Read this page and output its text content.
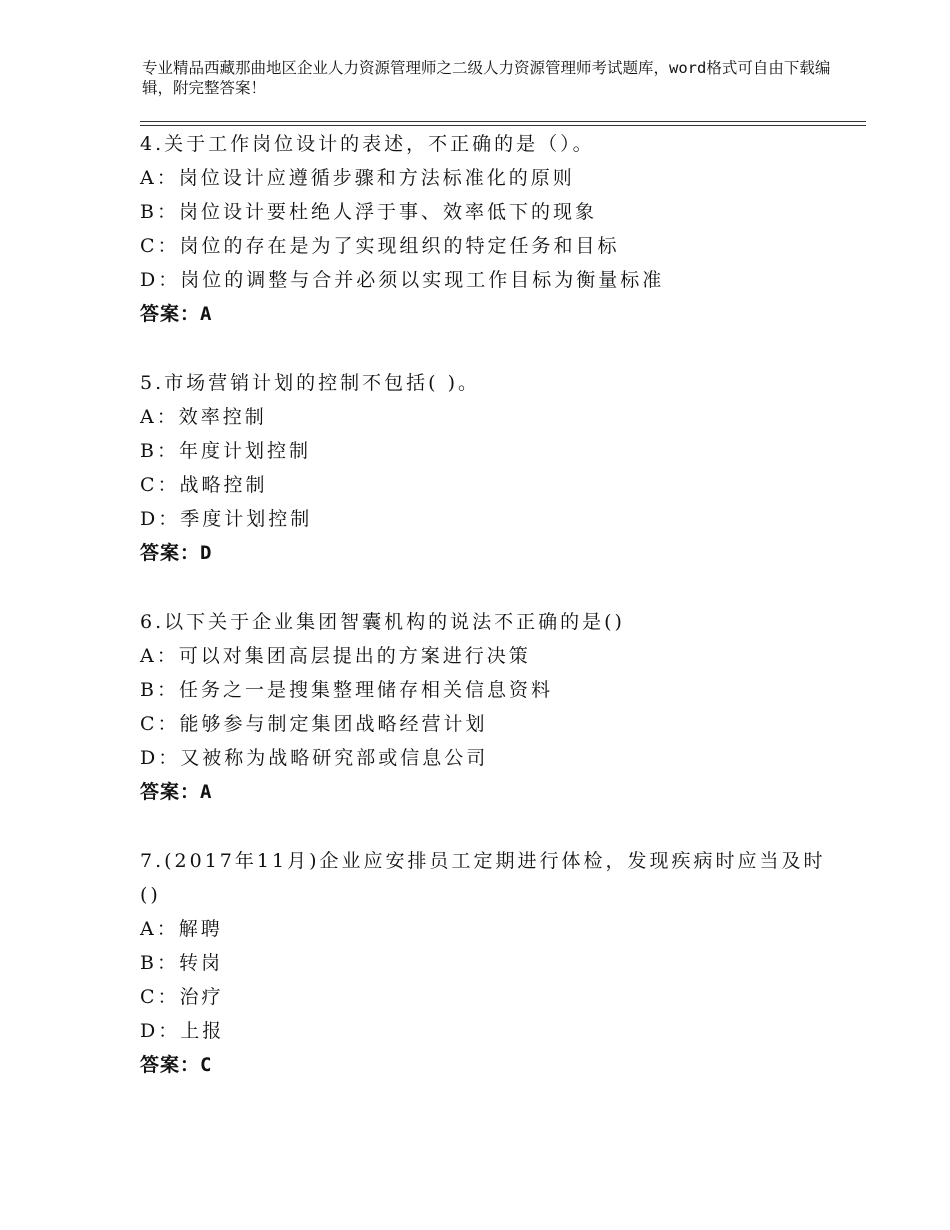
专业精品西藏那曲地区企业人力资源管理师之二级人力资源管理师考试题库，word格式可自由下载编辑，附完整答案！
4.关于工作岗位设计的表述，不正确的是（）。
A：岗位设计应遵循步骤和方法标准化的原则
B：岗位设计要杜绝人浮于事、效率低下的现象
C：岗位的存在是为了实现组织的特定任务和目标
D：岗位的调整与合并必须以实现工作目标为衡量标准
答案：A
5.市场营销计划的控制不包括( )。
A：效率控制
B：年度计划控制
C：战略控制
D：季度计划控制
答案：D
6.以下关于企业集团智囊机构的说法不正确的是()
A：可以对集团高层提出的方案进行决策
B：任务之一是搜集整理储存相关信息资料
C：能够参与制定集团战略经营计划
D：又被称为战略研究部或信息公司
答案：A
7.(2017年11月)企业应安排员工定期进行体检，发现疾病时应当及时()
A：解聘
B：转岗
C：治疗
D：上报
答案：C
